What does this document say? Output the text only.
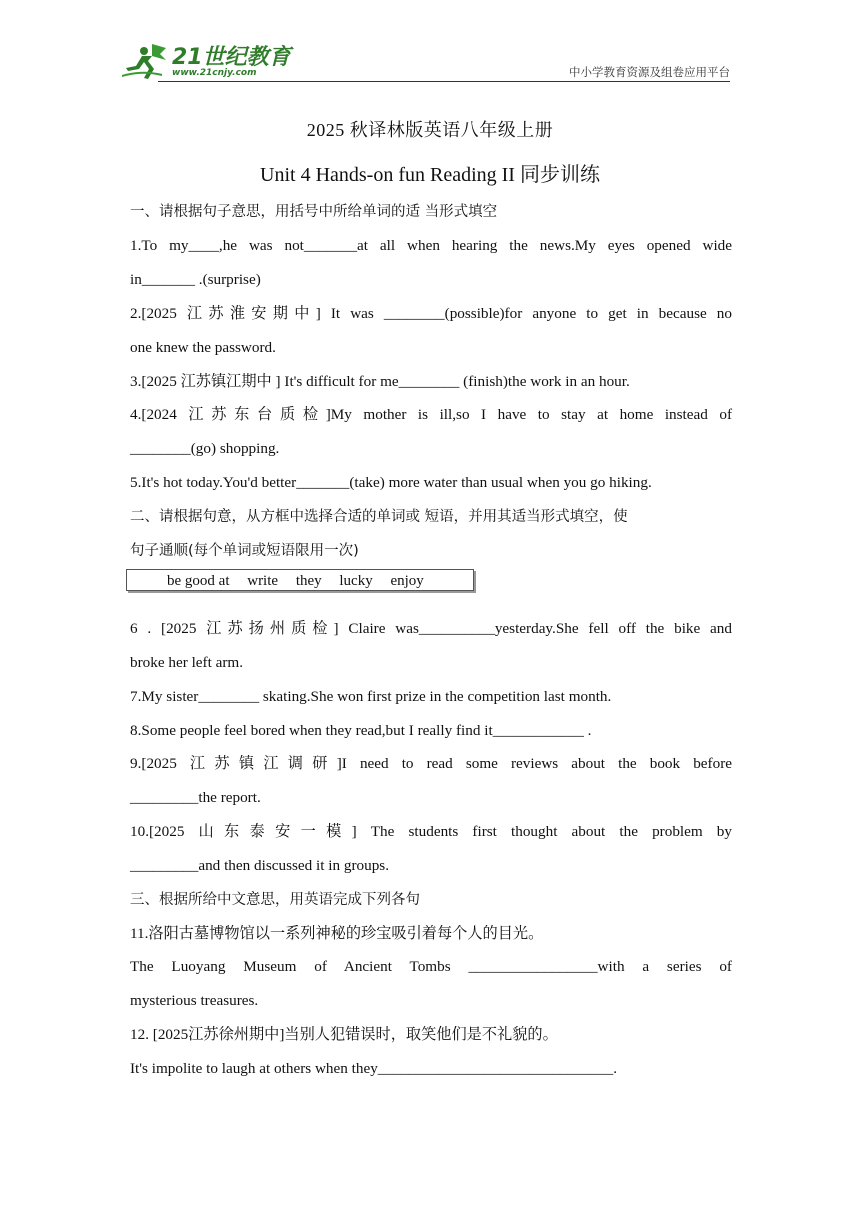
21世纪教育
www.21cnjy.com	中小学教育资源及组卷应用平台
2025 秋译林版英语八年级上册
Unit 4 Hands-on fun Reading II 同步训练
一、请根据句子意思，用括号中所给单词的适 当形式填空
1.To my____,he was not_______at all when hearing the news.My eyes opened wide
in_______ .(surprise)
2.[2025 江苏淮安期中] It was ________(possible)for anyone to get in because no
one knew the password.
3.[2025 江苏镇江期中 ] It's difficult for me________ (finish)the work in an hour.
4.[2024 江苏东台质检]My mother is ill,so I have to stay at home instead of
________(go) shopping.
5.It's hot today.You'd better_______(take) more water than usual when you go hiking.
二、请根据句意，从方框中选择合适的单词或 短语，并用其适当形式填空，使
句子通顺(每个单词或短语限用一次)
be good at write they lucky enjoy
6 . [2025 江苏扬州质检] Claire was__________yesterday.She fell off the bike and
broke her left arm.
7.My sister________ skating.She won first prize in the competition last month.
8.Some people feel bored when they read,but I really find it____________ .
9.[2025 江苏镇江调研]I need to read some reviews about the book before
_________the report.
10.[2025 山东泰安一模] The students first thought about the problem by
_________and then discussed it in groups.
三、根据所给中文意思，用英语完成下列各句
11.洛阳古墓博物馆以一系列神秘的珍宝吸引着每个人的目光。
The Luoyang Museum of Ancient Tombs _________________with a series of
mysterious treasures.
12. [2025江苏徐州期中]当别人犯错误时，取笑他们是不礼貌的。
It's impolite to laugh at others when they_______________________________.
